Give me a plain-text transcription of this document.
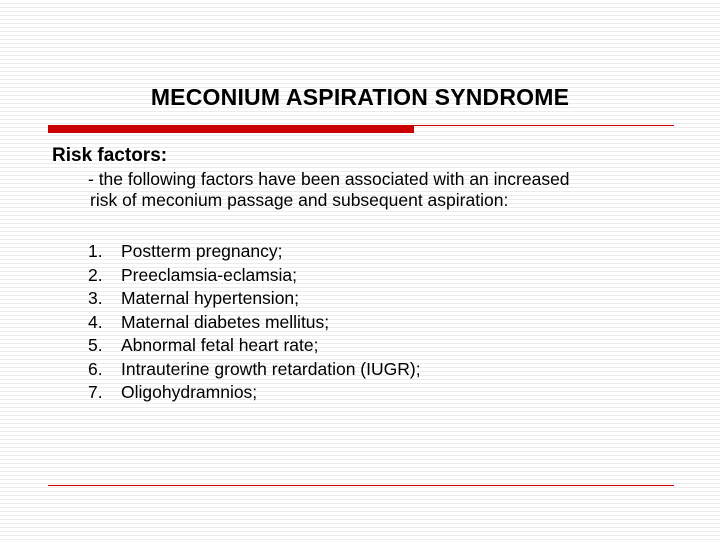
MECONIUM ASPIRATION SYNDROME
Risk factors:
- the following factors have been associated with an increased
risk of meconium passage and subsequent aspiration:
1. Postterm pregnancy;
2. Preeclamsia-eclamsia;
3. Maternal hypertension;
4. Maternal diabetes mellitus;
5. Abnormal fetal heart rate;
6. Intrauterine growth retardation (IUGR);
7. Oligohydramnios;
